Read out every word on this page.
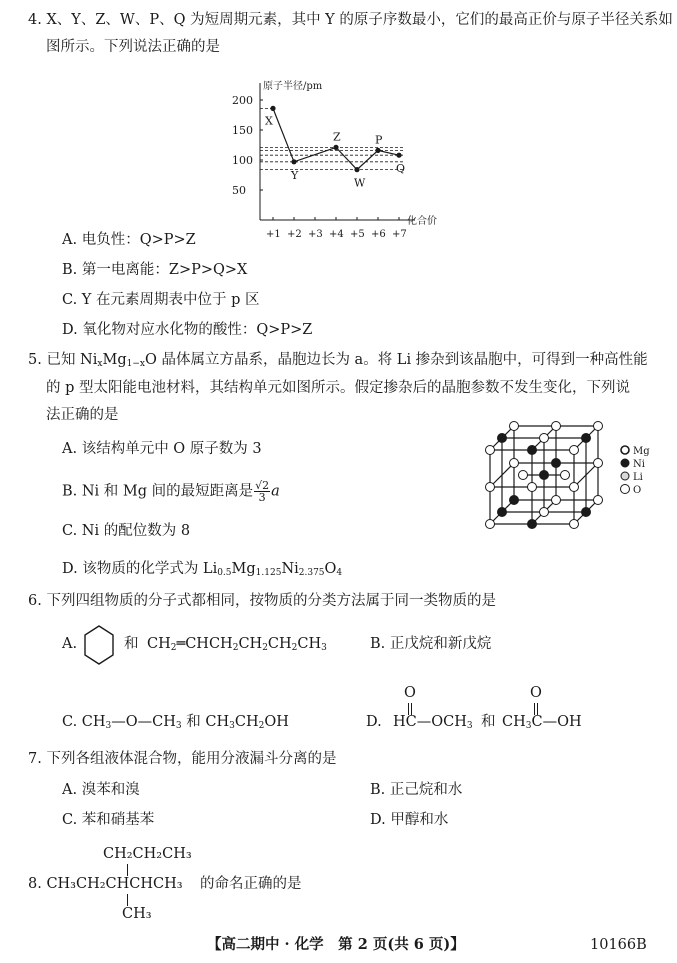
4. X、Y、Z、W、P、Q 为短周期元素，其中 Y 的原子序数最小，它们的最高正价与原子半径关系如
图所示。下列说法正确的是
原子半径/pm
化合价
200
150
100
50
+1 +2 +3 +4 +5 +6 +7
X
Y
Z
W
P
Q
A. 电负性：Q>P>Z
B. 第一电离能：Z>P>Q>X
C. Y 在元素周期表中位于 p 区
D. 氧化物对应水化物的酸性：Q>P>Z
5. 已知 $Ni_xMg_{1-x}O$ 晶体属立方晶系，晶胞边长为 a。将 Li 掺杂到该晶胞中，可得到一种高性能
的 p 型太阳能电池材料，其结构单元如图所示。假定掺杂后的晶胞参数不发生变化，下列说
法正确的是
A. 该结构单元中 O 原子数为 3
B. Ni 和 Mg 间的最短距离是 $\frac{√2}{3}$ a
C. Ni 的配位数为 8
D. 该物质的化学式为 $Li_{0.5}Mg_{1.125}Ni_{2.375}O_4$
Mg
Ni
Li
O
6. 下列四组物质的分子式都相同，按物质的分类方法属于同一类物质的是
A.	和 $CH_2═CHCH_2CH_2CH_2CH_3$	B. 正戊烷和新戊烷
C. $CH_3—O—CH_3$ 和 $CH_3CH_2OH$	D.
O
$HC—OCH_3$ 和
O
$CH_3C—OH$
7. 下列各组液体混合物，能用分液漏斗分离的是
A. 溴苯和溴	B. 正己烷和水
C. 苯和硝基苯	D. 甲醇和水
CH₂CH₂CH₃
8. CH₃CH₂CHCHCH₃ 的命名正确的是
CH₃
【高二期中 · 化学　第 2 页(共 6 页)】	10166B
